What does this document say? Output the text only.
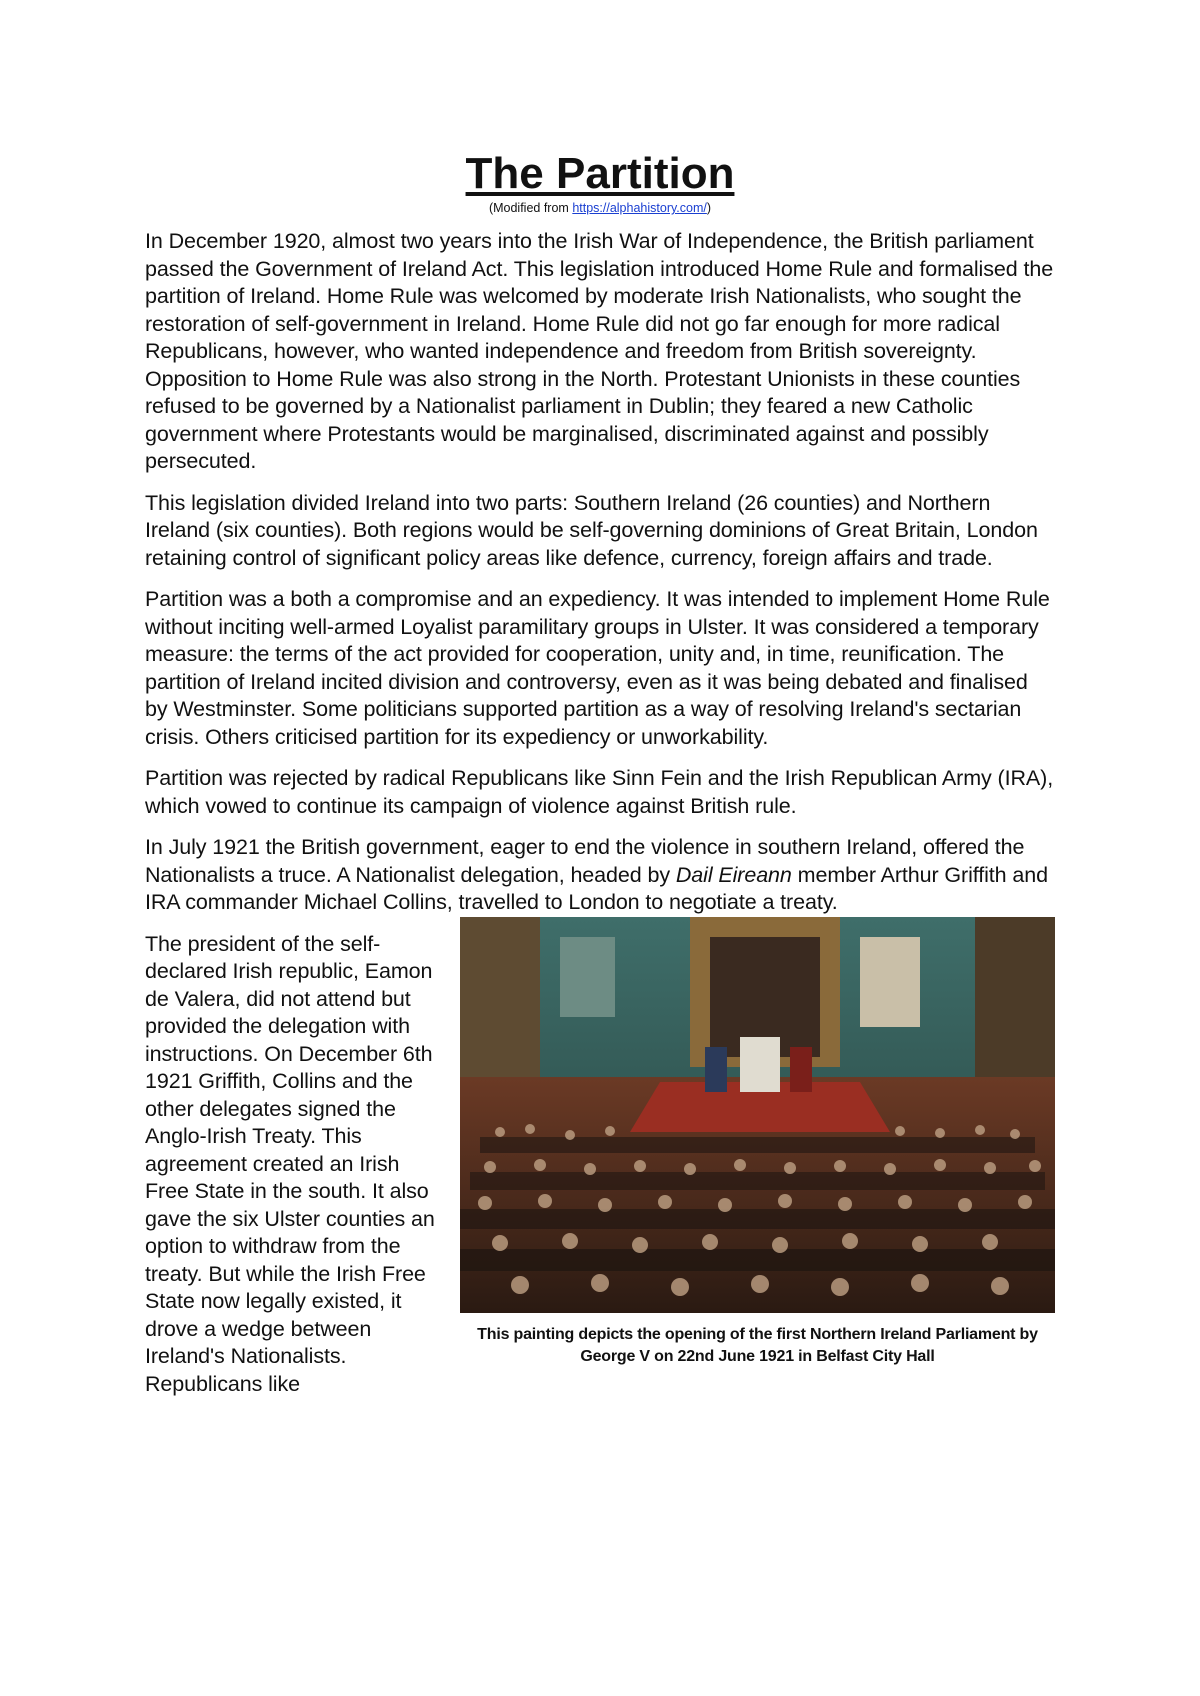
The Partition
(Modified from https://alphahistory.com/)

In December 1920, almost two years into the Irish War of Independence, the British parliament passed the Government of Ireland Act. This legislation introduced Home Rule and formalised the partition of Ireland. Home Rule was welcomed by moderate Irish Nationalists, who sought the restoration of self-government in Ireland. Home Rule did not go far enough for more radical Republicans, however, who wanted independence and freedom from British sovereignty. Opposition to Home Rule was also strong in the North. Protestant Unionists in these counties refused to be governed by a Nationalist parliament in Dublin; they feared a new Catholic government where Protestants would be marginalised, discriminated against and possibly persecuted.

This legislation divided Ireland into two parts: Southern Ireland (26 counties) and Northern Ireland (six counties). Both regions would be self-governing dominions of Great Britain, London retaining control of significant policy areas like defence, currency, foreign affairs and trade.

Partition was a both a compromise and an expediency. It was intended to implement Home Rule without inciting well-armed Loyalist paramilitary groups in Ulster. It was considered a temporary measure: the terms of the act provided for cooperation, unity and, in time, reunification. The partition of Ireland incited division and controversy, even as it was being debated and finalised by Westminster. Some politicians supported partition as a way of resolving Ireland's sectarian crisis. Others criticised partition for its expediency or unworkability.

Partition was rejected by radical Republicans like Sinn Fein and the Irish Republican Army (IRA), which vowed to continue its campaign of violence against British rule.

In July 1921 the British government, eager to end the violence in southern Ireland, offered the Nationalists a truce. A Nationalist delegation, headed by Dail Eireann member Arthur Griffith and IRA commander Michael Collins, travelled to London to negotiate a treaty.

This painting depicts the opening of the first Northern Ireland Parliament by George V on 22nd June 1921 in Belfast City Hall

The president of the self-declared Irish republic, Eamon de Valera, did not attend but provided the delegation with instructions. On December 6th 1921 Griffith, Collins and the other delegates signed the Anglo-Irish Treaty. This agreement created an Irish Free State in the south. It also gave the six Ulster counties an option to withdraw from the treaty. But while the Irish Free State now legally existed, it drove a wedge between Ireland's Nationalists. Republicans like
